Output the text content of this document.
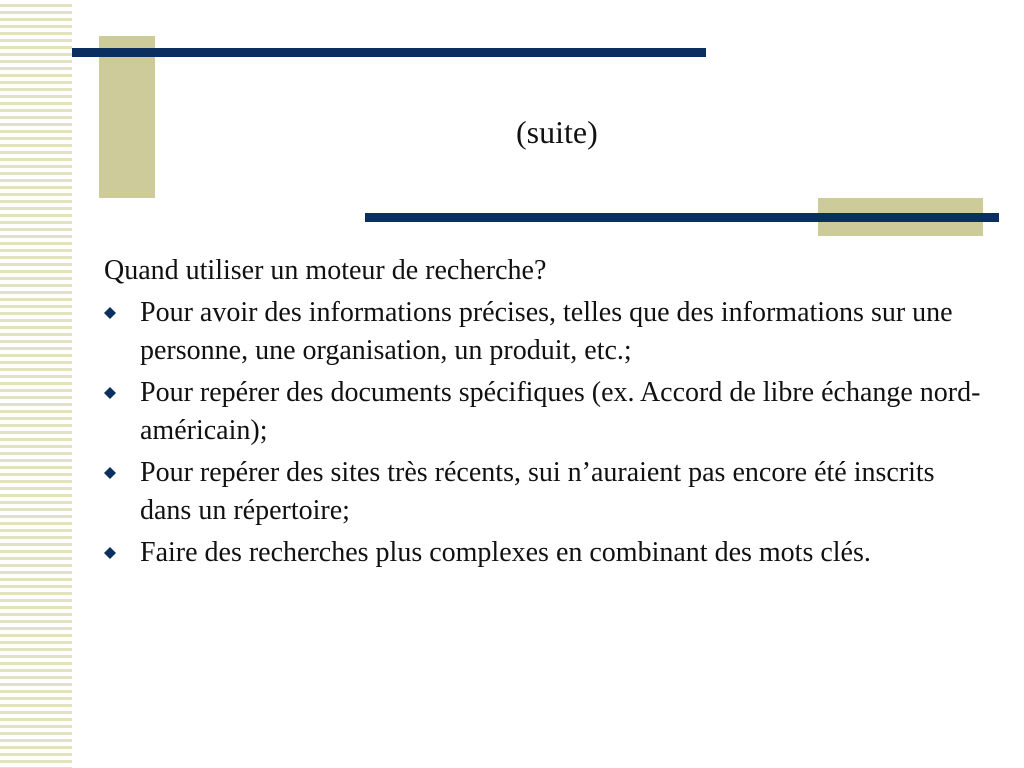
(suite)

Quand utiliser un moteur de recherche?

Pour avoir des informations précises, telles que des informations sur une personne, une organisation, un produit, etc.;
Pour repérer des documents spécifiques (ex. Accord de libre échange nord-américain);
Pour repérer des sites très récents, sui n’auraient pas encore été inscrits dans un répertoire;
Faire des recherches plus complexes en combinant des mots clés.
